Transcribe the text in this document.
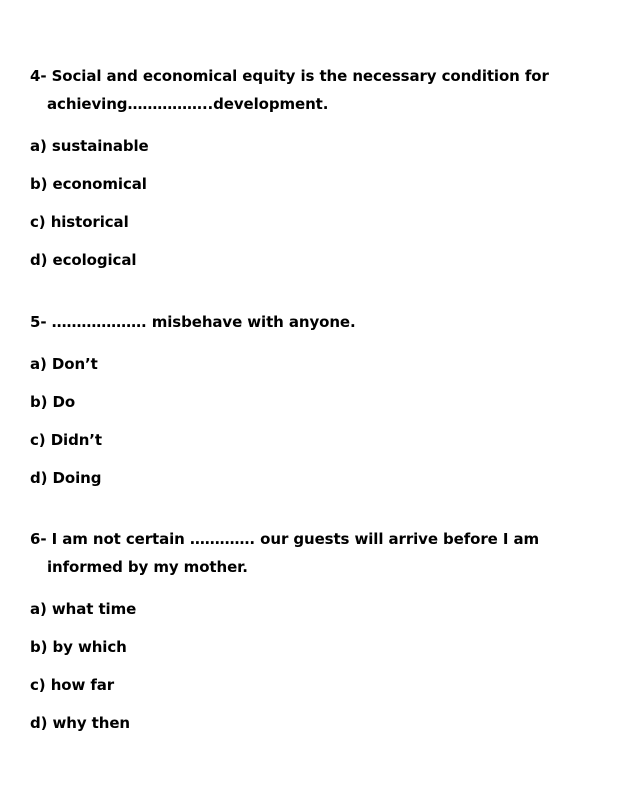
4- Social and economical equity is the necessary condition for achieving……………..development.

a) sustainable
b) economical
c) historical
d) ecological

5- ………………. misbehave with anyone.

a) Don’t
b) Do
c) Didn’t
d) Doing

6- I am not certain …………. our guests will arrive before I am informed by my mother.

a) what time
b) by which
c) how far
d) why then
